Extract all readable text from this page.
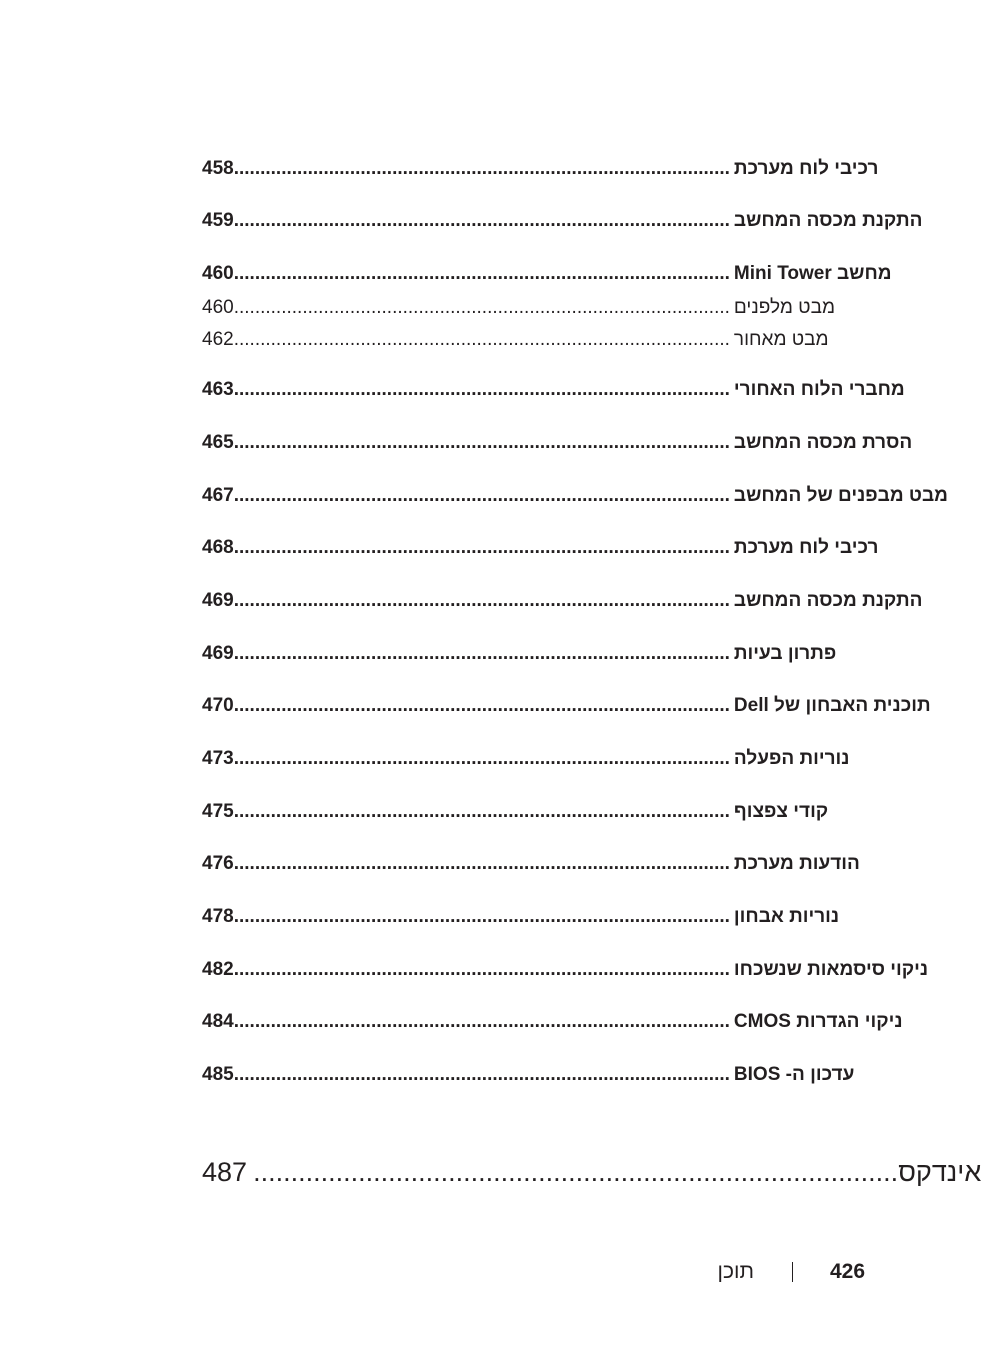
458 .............................................................................................. רכיבי לוח מערכת
459 .............................................................................................. התקנת מכסה המחשב
460 .............................................................................................. מחשב Mini Tower
460 .............................................................................................. מבט מלפנים
462 .............................................................................................. מבט מאחור
463 .............................................................................................. מחברי הלוח האחורי
465 .............................................................................................. הסרת מכסה המחשב
467 .............................................................................................. מבט מבפנים של המחשב
468 .............................................................................................. רכיבי לוח מערכת
469 .............................................................................................. התקנת מכסה המחשב
469 .............................................................................................. פתרון בעיות
470 .............................................................................................. תוכנית האבחון של Dell
473 .............................................................................................. נוריות הפעלה
475 .............................................................................................. קודי צפצוף
476 .............................................................................................. הודעות מערכת
478 .............................................................................................. נוריות אבחון
482 .............................................................................................. ניקוי סיסמאות שנשכחו
484 .............................................................................................. ניקוי הגדרות CMOS
485 .............................................................................................. עדכון ה- BIOS
487 ...................................................................................... אינדקס
תוכן	426
